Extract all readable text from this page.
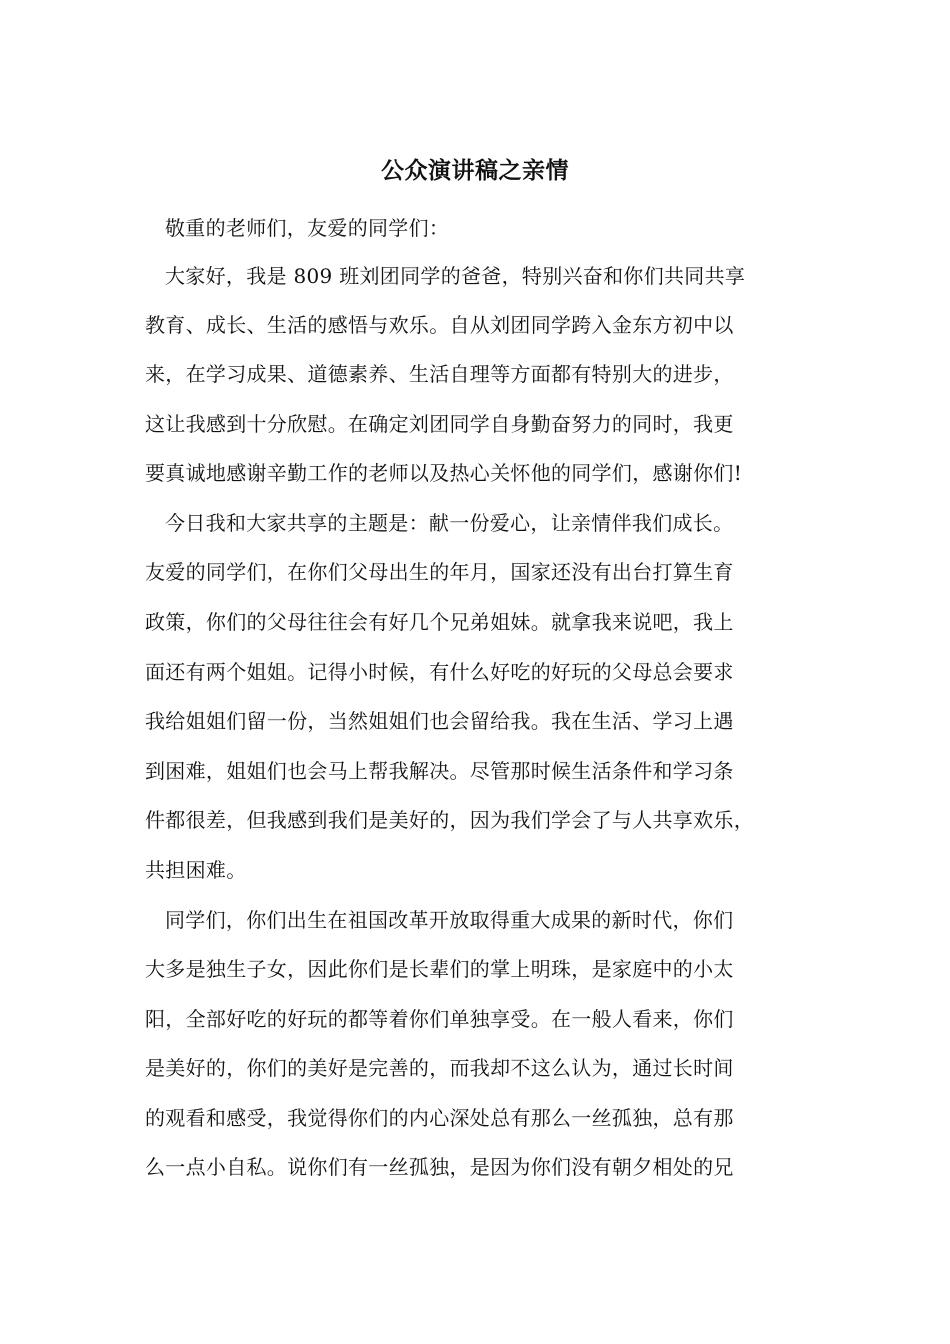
公众演讲稿之亲情
敬重的老师们，友爱的同学们：
大家好，我是 809 班刘团同学的爸爸，特别兴奋和你们共同共享
教育、成长、生活的感悟与欢乐。自从刘团同学跨入金东方初中以
来，在学习成果、道德素养、生活自理等方面都有特别大的进步，
这让我感到十分欣慰。在确定刘团同学自身勤奋努力的同时，我更
要真诚地感谢辛勤工作的老师以及热心关怀他的同学们，感谢你们!
今日我和大家共享的主题是：献一份爱心，让亲情伴我们成长。
友爱的同学们，在你们父母出生的年月，国家还没有出台打算生育
政策，你们的父母往往会有好几个兄弟姐妹。就拿我来说吧，我上
面还有两个姐姐。记得小时候，有什么好吃的好玩的父母总会要求
我给姐姐们留一份，当然姐姐们也会留给我。我在生活、学习上遇
到困难，姐姐们也会马上帮我解决。尽管那时候生活条件和学习条
件都很差，但我感到我们是美好的，因为我们学会了与人共享欢乐，
共担困难。
同学们，你们出生在祖国改革开放取得重大成果的新时代，你们
大多是独生子女，因此你们是长辈们的掌上明珠，是家庭中的小太
阳，全部好吃的好玩的都等着你们单独享受。在一般人看来，你们
是美好的，你们的美好是完善的，而我却不这么认为，通过长时间
的观看和感受，我觉得你们的内心深处总有那么一丝孤独，总有那
么一点小自私。说你们有一丝孤独，是因为你们没有朝夕相处的兄
